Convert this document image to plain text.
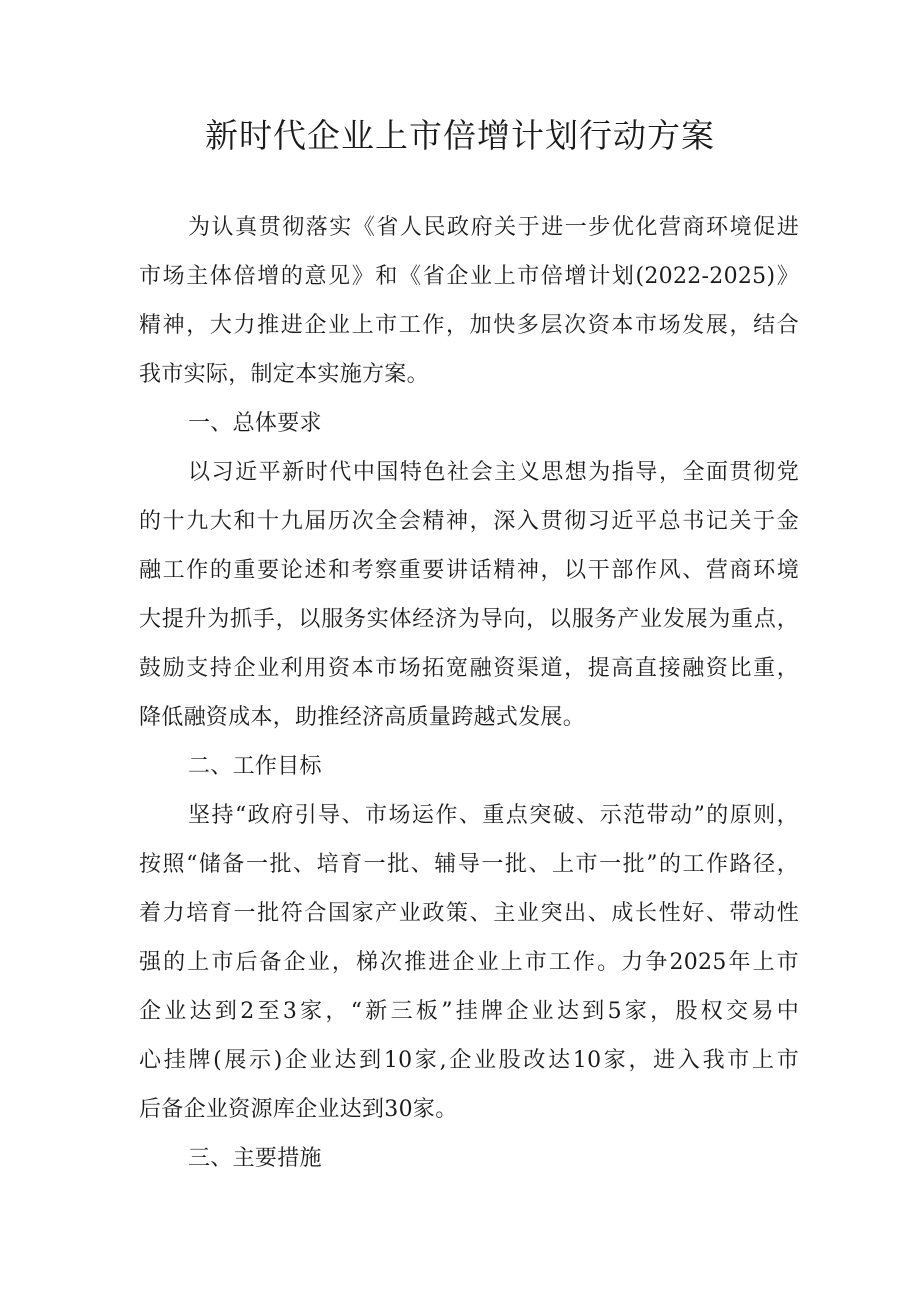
新时代企业上市倍增计划行动方案
为认真贯彻落实《省人民政府关于进一步优化营商环境促进
市场主体倍增的意见》和《省企业上市倍增计划(2022-2025)》
精神，大力推进企业上市工作，加快多层次资本市场发展，结合
我市实际，制定本实施方案。
一、总体要求
以习近平新时代中国特色社会主义思想为指导，全面贯彻党
的十九大和十九届历次全会精神，深入贯彻习近平总书记关于金
融工作的重要论述和考察重要讲话精神，以干部作风、营商环境
大提升为抓手，以服务实体经济为导向，以服务产业发展为重点，
鼓励支持企业利用资本市场拓宽融资渠道，提高直接融资比重，
降低融资成本，助推经济高质量跨越式发展。
二、工作目标
坚持“政府引导、市场运作、重点突破、示范带动”的原则，
按照“储备一批、培育一批、辅导一批、上市一批”的工作路径，
着力培育一批符合国家产业政策、主业突出、成长性好、带动性
强的上市后备企业，梯次推进企业上市工作。力争2025年上市
企业达到2至3家，“新三板”挂牌企业达到5家，股权交易中
心挂牌(展示)企业达到10家,企业股改达10家，进入我市上市
后备企业资源库企业达到30家。
三、主要措施
